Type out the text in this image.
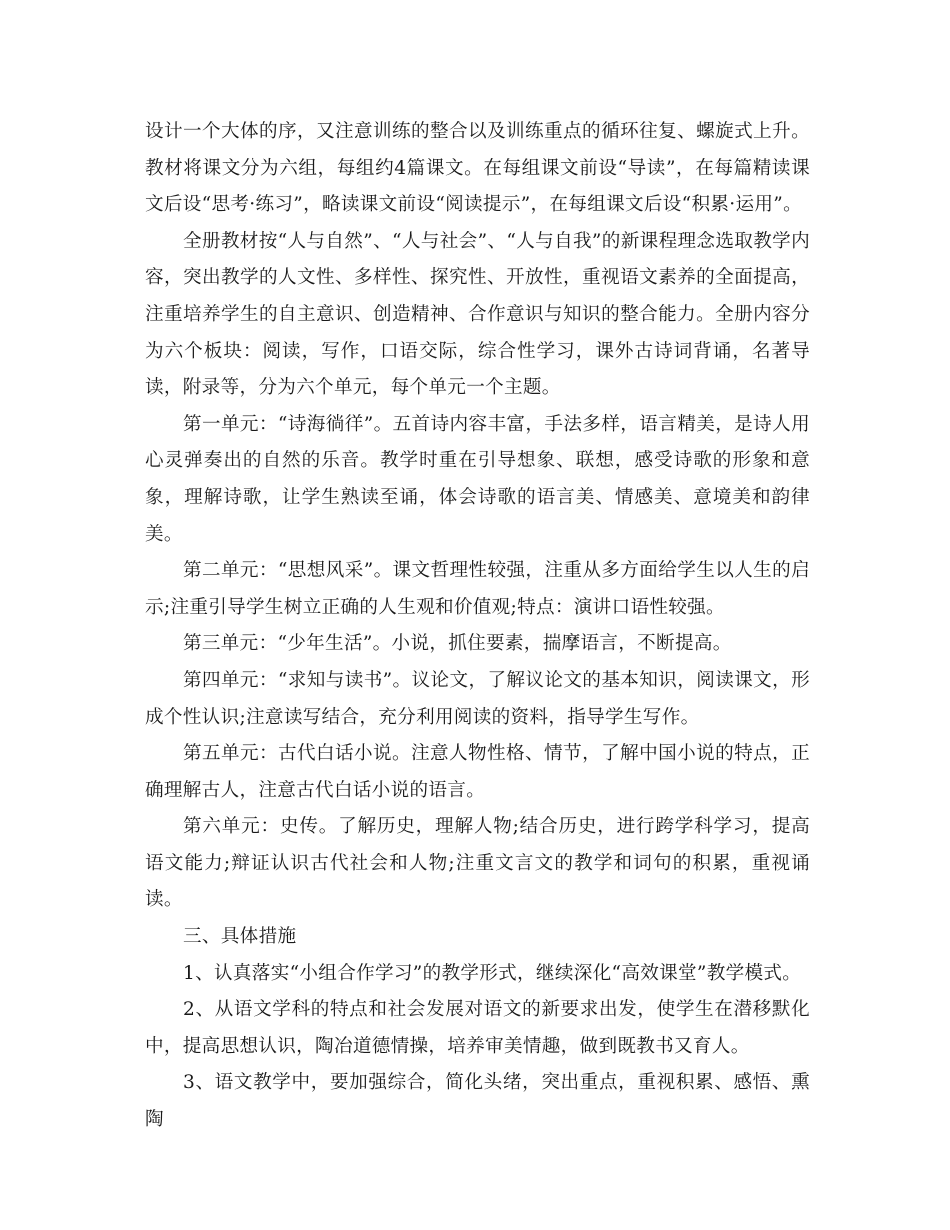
设计一个大体的序，又注意训练的整合以及训练重点的循环往复、螺旋式上升。教材将课文分为六组，每组约4篇课文。在每组课文前设“导读”，在每篇精读课文后设“思考·练习”，略读课文前设“阅读提示”，在每组课文后设“积累·运用”。

全册教材按“人与自然”、“人与社会”、“人与自我”的新课程理念选取教学内容，突出教学的人文性、多样性、探究性、开放性，重视语文素养的全面提高，注重培养学生的自主意识、创造精神、合作意识与知识的整合能力。全册内容分为六个板块：阅读，写作，口语交际，综合性学习，课外古诗词背诵，名著导读，附录等，分为六个单元，每个单元一个主题。

第一单元：“诗海徜徉”。五首诗内容丰富，手法多样，语言精美，是诗人用心灵弹奏出的自然的乐音。教学时重在引导想象、联想，感受诗歌的形象和意象，理解诗歌，让学生熟读至诵，体会诗歌的语言美、情感美、意境美和韵律美。

第二单元：“思想风采”。课文哲理性较强，注重从多方面给学生以人生的启示;注重引导学生树立正确的人生观和价值观;特点：演讲口语性较强。

第三单元：“少年生活”。小说，抓住要素，揣摩语言，不断提高。

第四单元：“求知与读书”。议论文，了解议论文的基本知识，阅读课文，形成个性认识;注意读写结合，充分利用阅读的资料，指导学生写作。

第五单元：古代白话小说。注意人物性格、情节，了解中国小说的特点，正确理解古人，注意古代白话小说的语言。

第六单元：史传。了解历史，理解人物;结合历史，进行跨学科学习，提高语文能力;辩证认识古代社会和人物;注重文言文的教学和词句的积累，重视诵读。

三、具体措施

1、认真落实“小组合作学习”的教学形式，继续深化“高效课堂”教学模式。

2、从语文学科的特点和社会发展对语文的新要求出发，使学生在潜移默化中，提高思想认识，陶冶道德情操，培养审美情趣，做到既教书又育人。

3、语文教学中，要加强综合，简化头绪，突出重点，重视积累、感悟、熏陶
